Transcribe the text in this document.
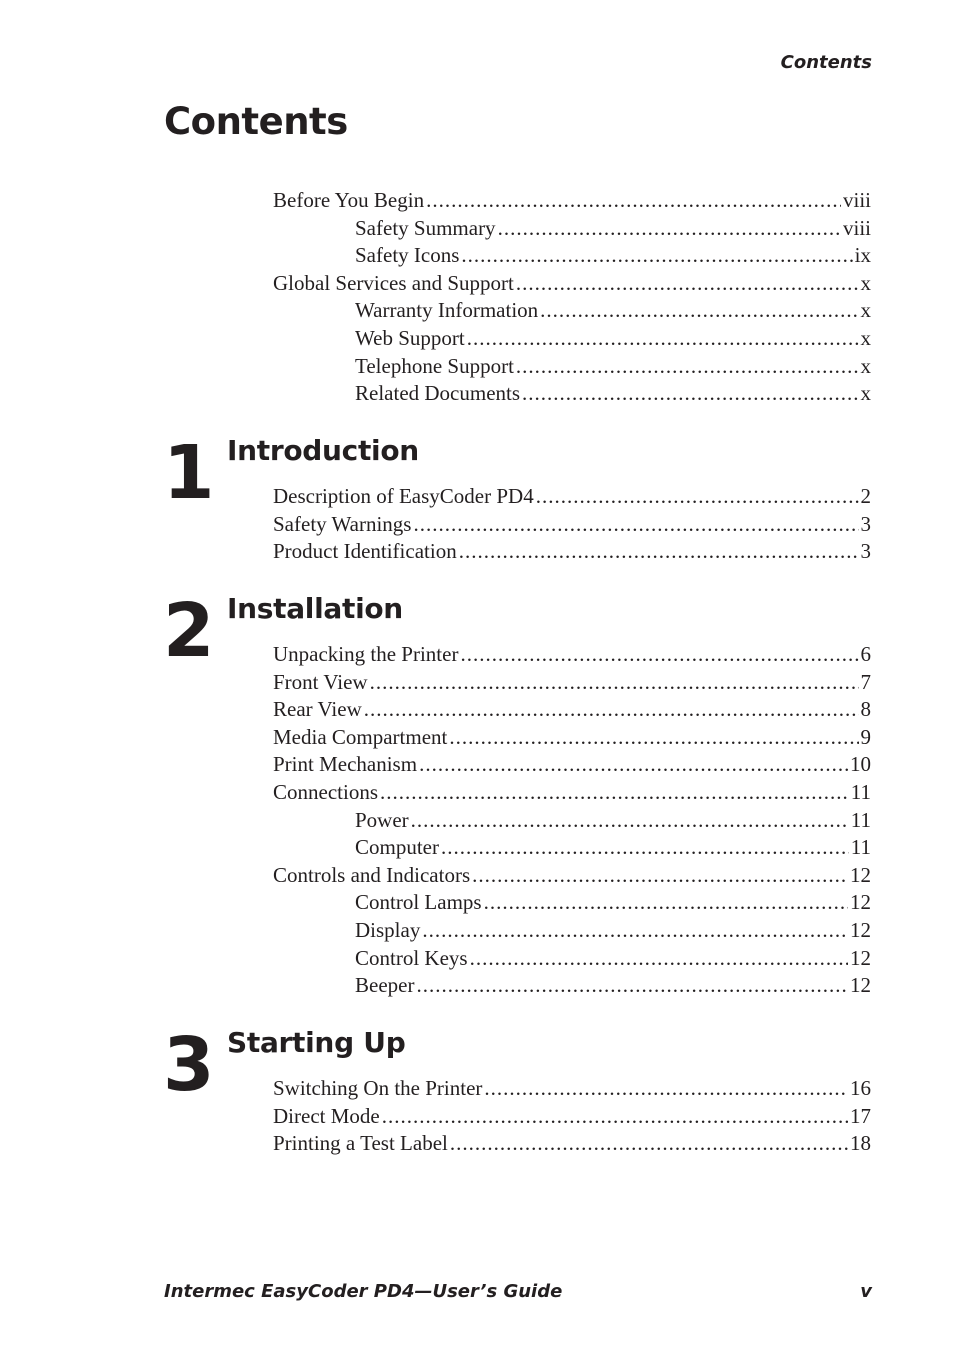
Contents
Contents
Before You Begin .....	viii
Safety Summary .....	viii
Safety Icons .....	ix
Global Services and Support .....	x
Warranty Information .....	x
Web Support .....	x
Telephone Support .....	x
Related Documents .....	x
1 Introduction
Description of EasyCoder PD4 .....	2
Safety Warnings .....	3
Product Identification .....	3
2 Installation
Unpacking the Printer .....	6
Front View .....	7
Rear View .....	8
Media Compartment .....	9
Print Mechanism .....	10
Connections .....	11
Power .....	11
Computer .....	11
Controls and Indicators .....	12
Control Lamps .....	12
Display .....	12
Control Keys .....	12
Beeper .....	12
3 Starting Up
Switching On the Printer .....	16
Direct Mode .....	17
Printing a Test Label .....	18
Intermec EasyCoder PD4—User’s Guide	v
